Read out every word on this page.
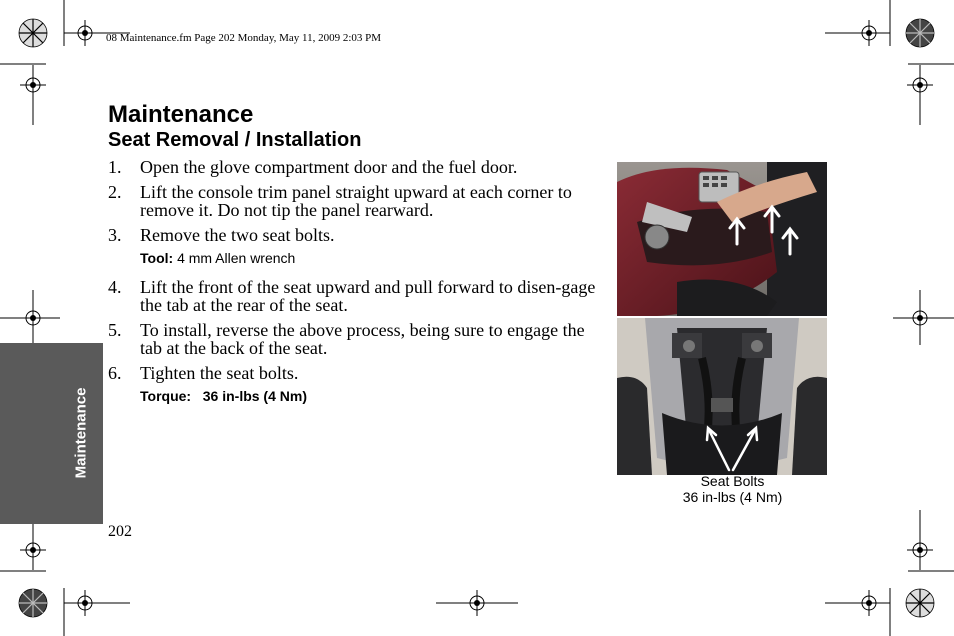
08 Maintenance.fm Page 202 Monday, May 11, 2009 2:03 PM
Maintenance
Seat Removal / Installation
1. Open the glove compartment door and the fuel door.
2. Lift the console trim panel straight upward at each corner to remove it. Do not tip the panel rearward.
3. Remove the two seat bolts.
Tool: 4 mm Allen wrench
4. Lift the front of the seat upward and pull forward to disen-gage the tab at the rear of the seat.
5. To install, reverse the above process, being sure to engage the tab at the back of the seat.
6. Tighten the seat bolts.
Torque: 36 in-lbs (4 Nm)
Seat Bolts
36 in-lbs (4 Nm)
Maintenance
202
